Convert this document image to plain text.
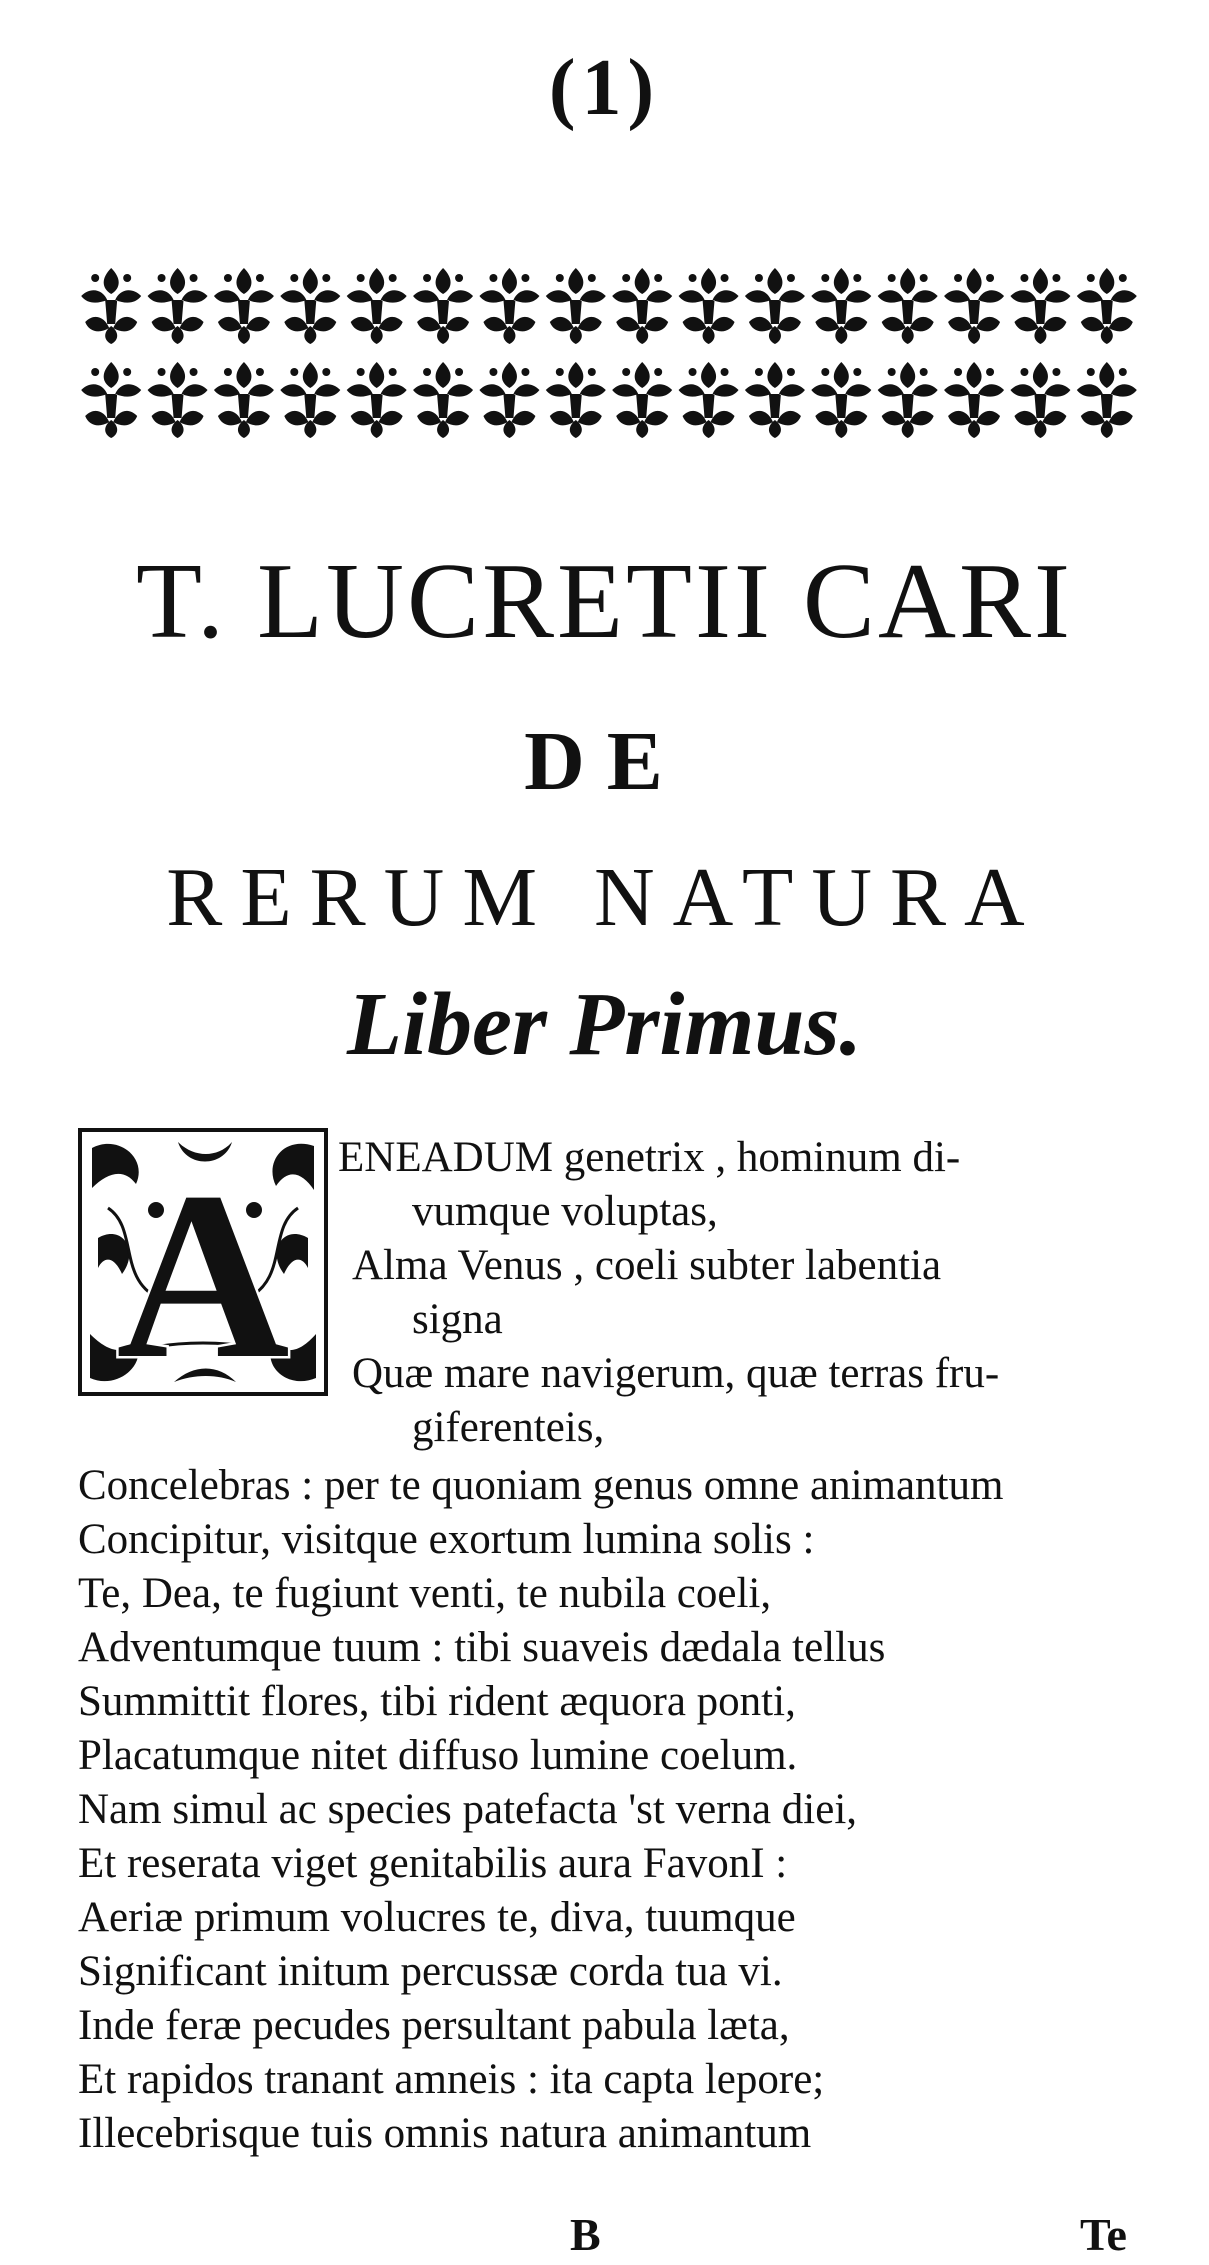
(1)
T. LUCRETII CARI
DE
RERUM NATURA
Liber Primus.
A ENEADUM genetrix , hominum di-
vumque voluptas,
Alma Venus , coeli subter labentia
signa
Quæ mare navigerum, quæ terras fru-
giferenteis,
Concelebras : per te quoniam genus omne animantum
Concipitur, visitque exortum lumina solis :
Te, Dea, te fugiunt venti, te nubila coeli,
Adventumque tuum : tibi suaveis dædala tellus
Summittit flores, tibi rident æquora ponti,
Placatumque nitet diffuso lumine coelum.
Nam simul ac species patefacta 'st verna diei,
Et reserata viget genitabilis aura FavonI :
Aeriæ primum volucres te, diva, tuumque
Significant initum percussæ corda tua vi.
Inde feræ pecudes persultant pabula læta,
Et rapidos tranant amneis : ita capta lepore;
Illecebrisque tuis omnis natura animantum
B	Te
